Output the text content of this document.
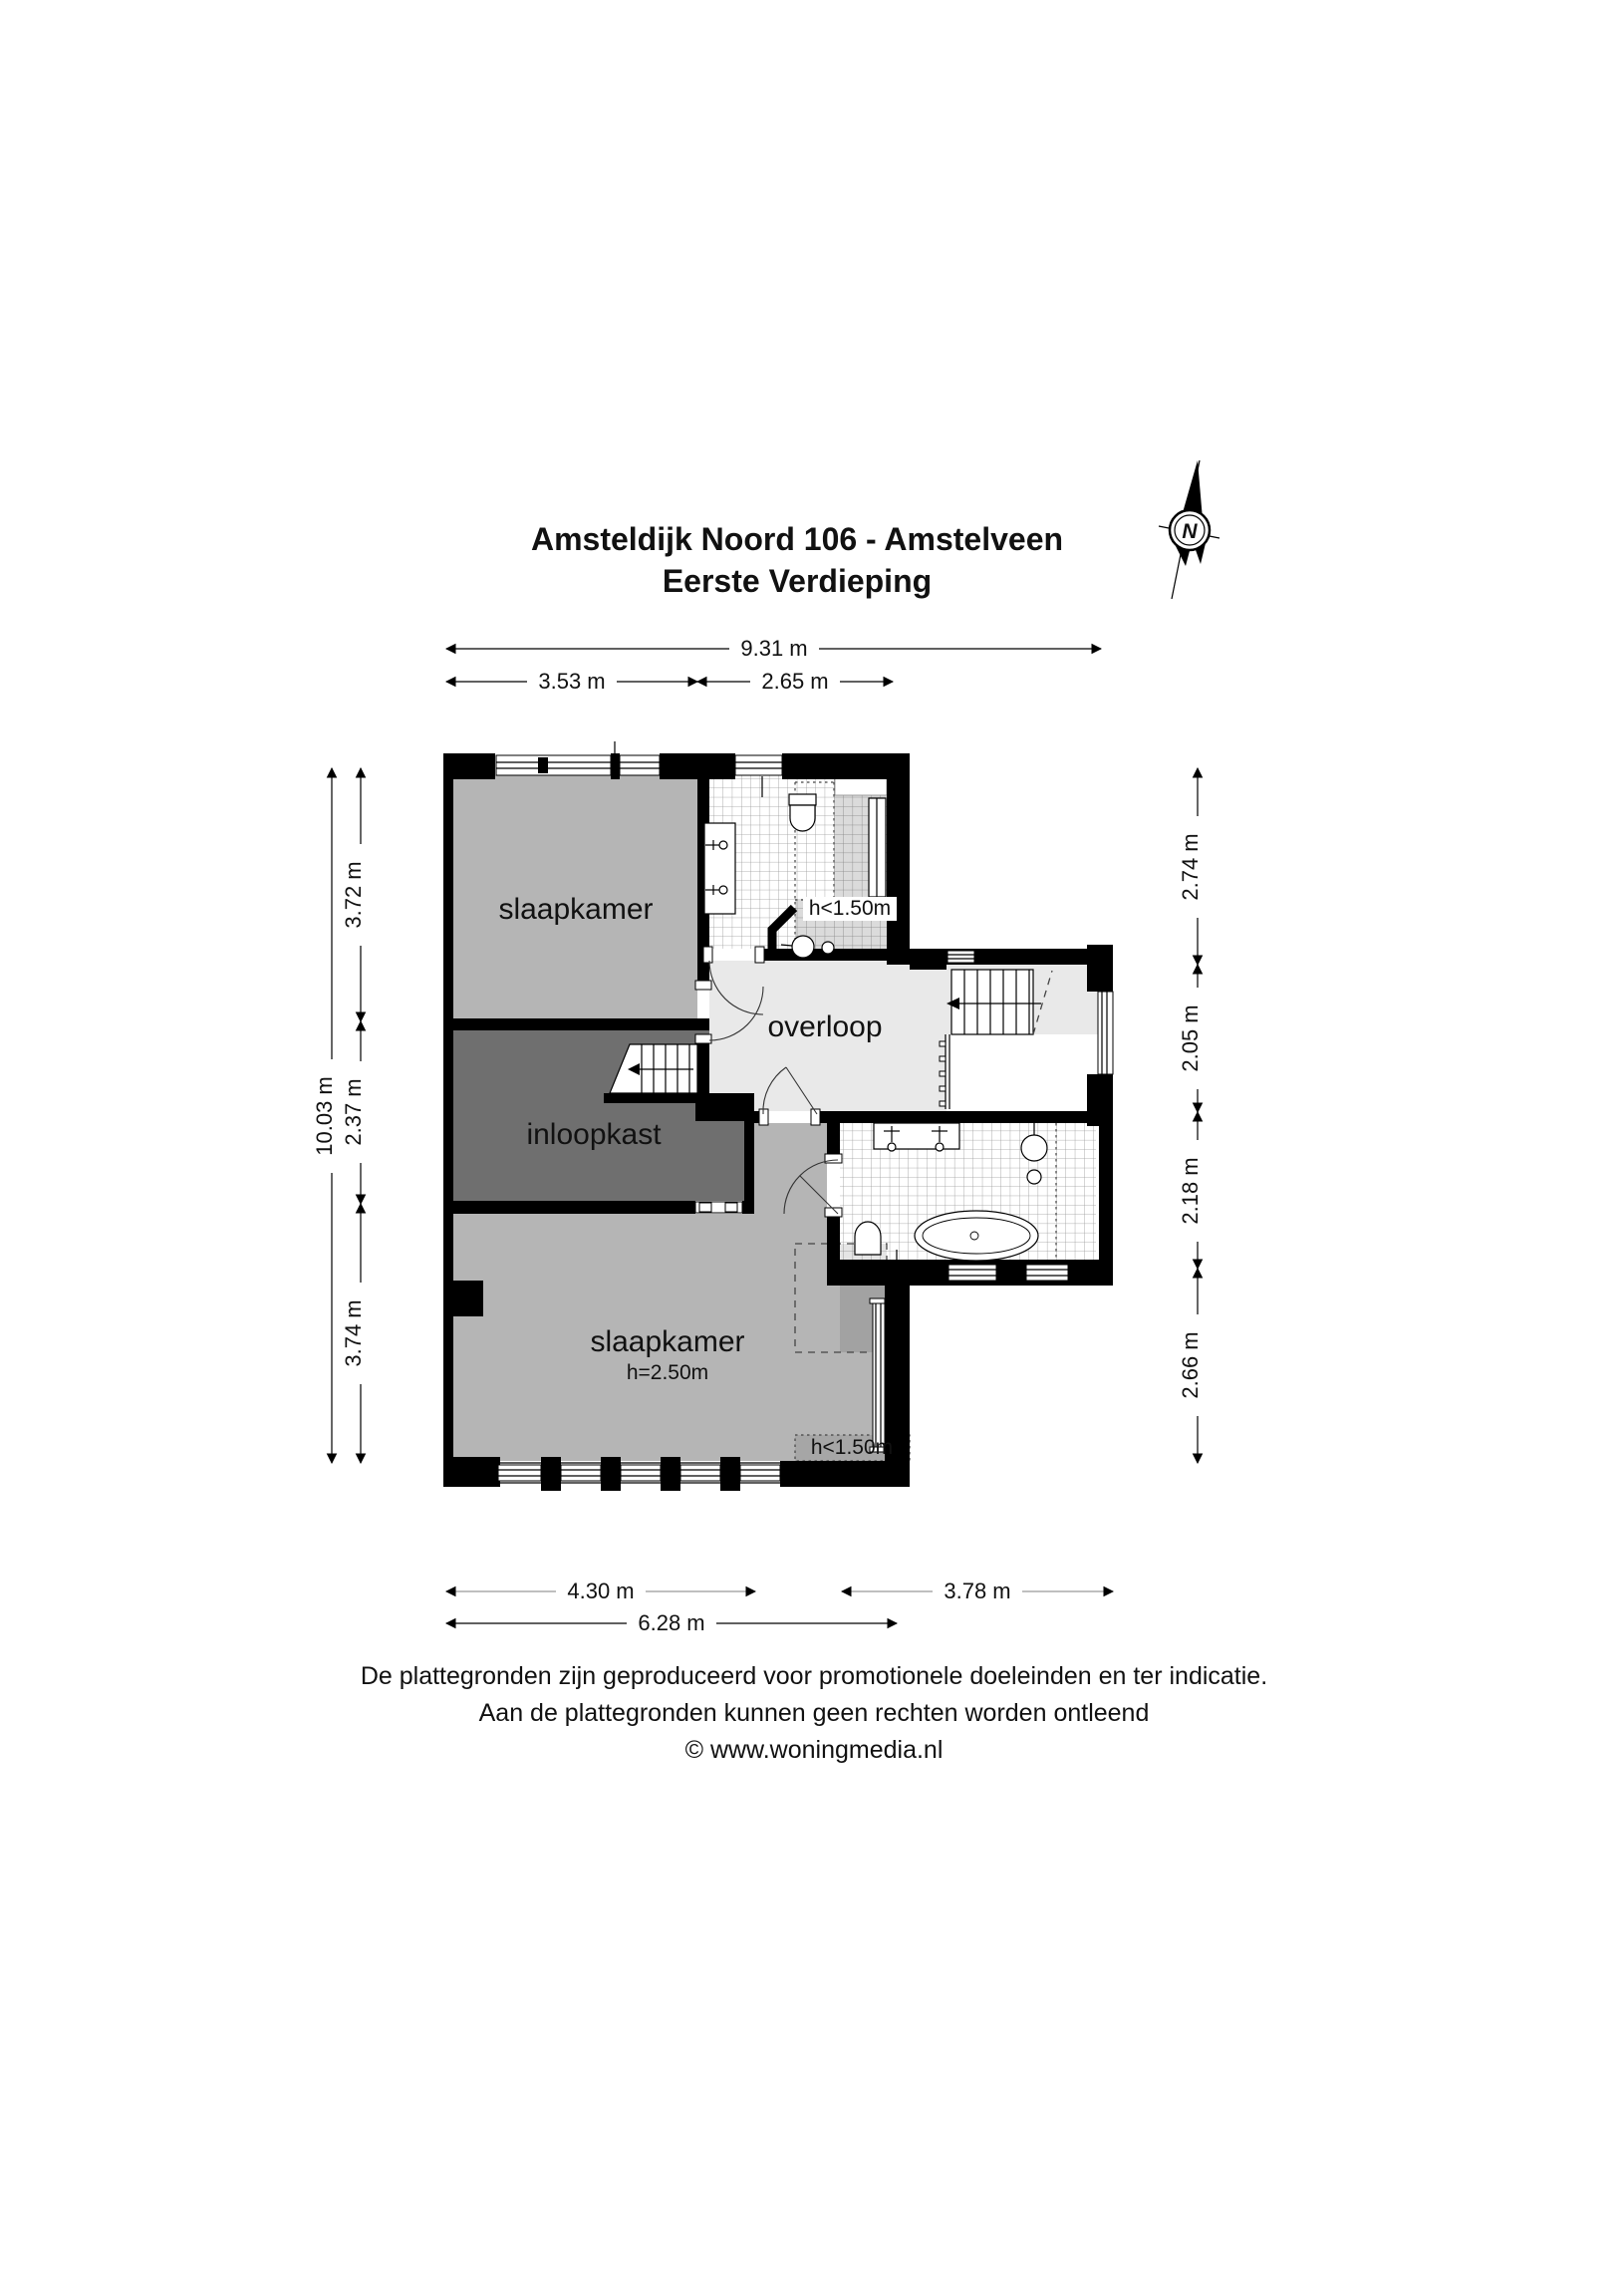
Amsteldijk Noord 106 - Amstelveen
Eerste Verdieping
N
slaapkamer	h<1.50m
overloop
inloopkast
slaapkamer
h=2.50m
h<1.50m
9.31 m
3.53 m	2.65 m
10.03 m
3.72 m
2.37 m
3.74 m
2.74 m
2.05 m
2.18 m
2.66 m
4.30 m	3.78 m
6.28 m
De plattegronden zijn geproduceerd voor promotionele doeleinden en ter indicatie.
Aan de plattegronden kunnen geen rechten worden ontleend
© www.woningmedia.nl
